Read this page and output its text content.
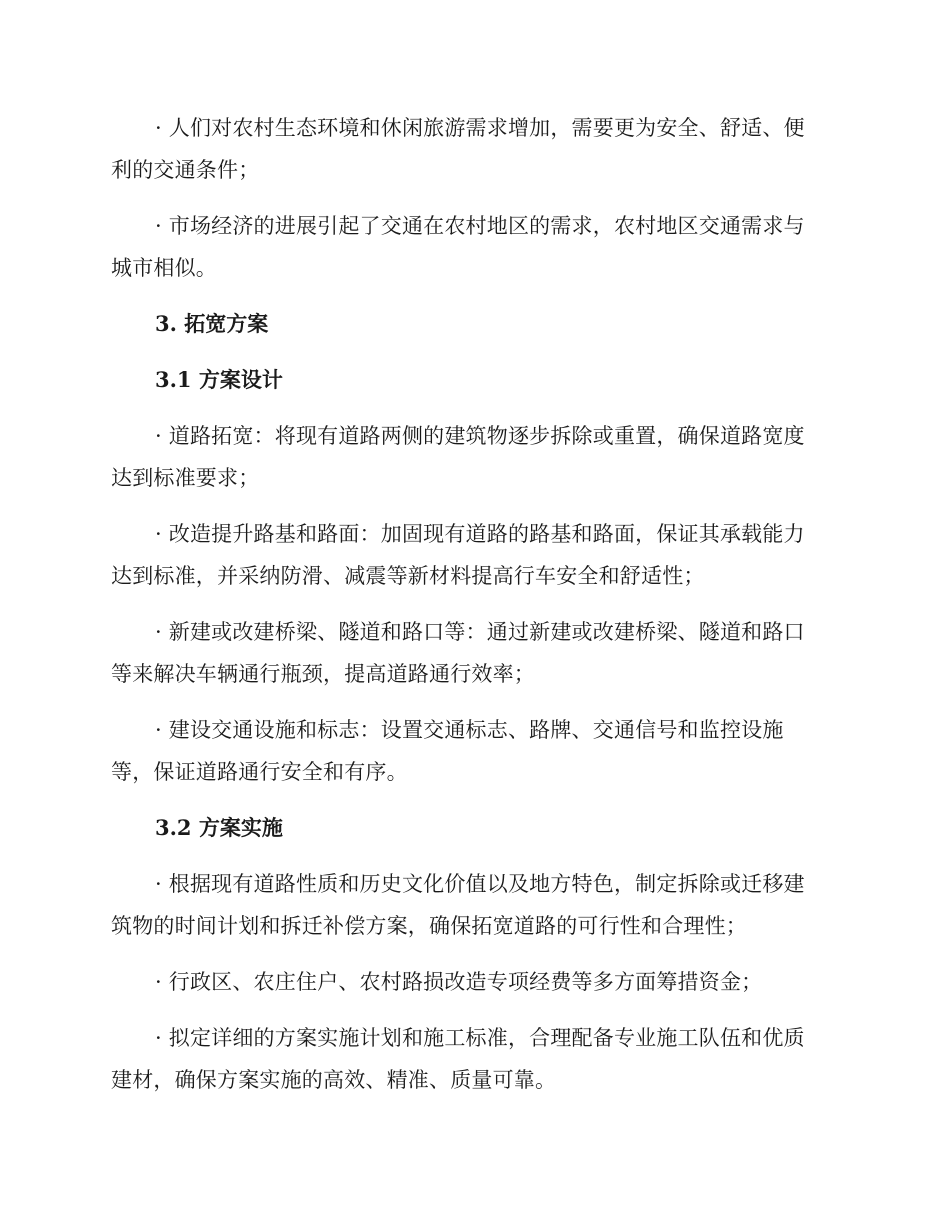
· 人们对农村生态环境和休闲旅游需求增加，需要更为安全、舒适、便利的交通条件；

· 市场经济的进展引起了交通在农村地区的需求，农村地区交通需求与城市相似。

3. 拓宽方案

3.1 方案设计

· 道路拓宽：将现有道路两侧的建筑物逐步拆除或重置，确保道路宽度达到标准要求；

· 改造提升路基和路面：加固现有道路的路基和路面，保证其承载能力达到标准，并采纳防滑、减震等新材料提高行车安全和舒适性；

· 新建或改建桥梁、隧道和路口等：通过新建或改建桥梁、隧道和路口等来解决车辆通行瓶颈，提高道路通行效率；

· 建设交通设施和标志：设置交通标志、路牌、交通信号和监控设施等，保证道路通行安全和有序。

3.2 方案实施

· 根据现有道路性质和历史文化价值以及地方特色，制定拆除或迁移建筑物的时间计划和拆迁补偿方案，确保拓宽道路的可行性和合理性；

· 行政区、农庄住户、农村路损改造专项经费等多方面筹措资金；

· 拟定详细的方案实施计划和施工标准，合理配备专业施工队伍和优质建材，确保方案实施的高效、精准、质量可靠。
